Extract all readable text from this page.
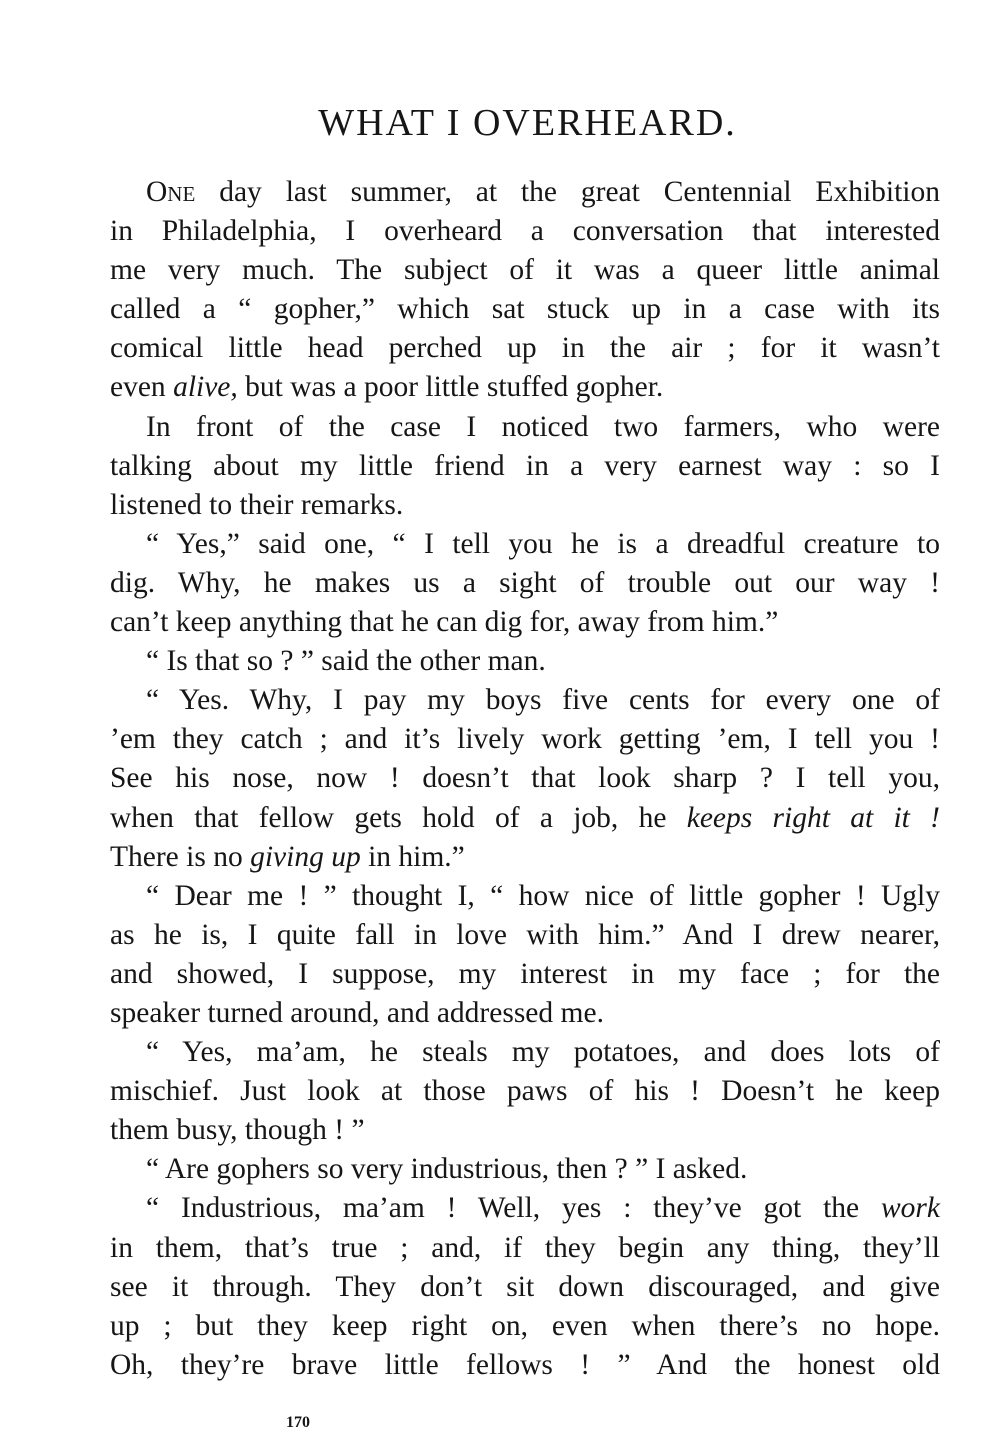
WHAT I OVERHEARD.
One day last summer, at the great Centennial Exhibition
in Philadelphia, I overheard a conversation that interested
me very much. The subject of it was a queer little animal
called a “ gopher,” which sat stuck up in a case with its
comical little head perched up in the air ; for it wasn’t
even alive, but was a poor little stuffed gopher.
In front of the case I noticed two farmers, who were
talking about my little friend in a very earnest way : so I
listened to their remarks.
“ Yes,” said one, “ I tell you he is a dreadful creature to
dig. Why, he makes us a sight of trouble out our way !
can’t keep anything that he can dig for, away from him.”
“ Is that so ? ” said the other man.
“ Yes. Why, I pay my boys five cents for every one of
’em they catch ; and it’s lively work getting ’em, I tell you !
See his nose, now ! doesn’t that look sharp ? I tell you,
when that fellow gets hold of a job, he keeps right at it !
There is no giving up in him.”
“ Dear me ! ” thought I, “ how nice of little gopher ! Ugly
as he is, I quite fall in love with him.” And I drew nearer,
and showed, I suppose, my interest in my face ; for the
speaker turned around, and addressed me.
“ Yes, ma’am, he steals my potatoes, and does lots of
mischief. Just look at those paws of his ! Doesn’t he keep
them busy, though ! ”
“ Are gophers so very industrious, then ? ” I asked.
“ Industrious, ma’am ! Well, yes : they’ve got the work
in them, that’s true ; and, if they begin any thing, they’ll
see it through. They don’t sit down discouraged, and give
up ; but they keep right on, even when there’s no hope.
Oh, they’re brave little fellows ! ” And the honest old

170
